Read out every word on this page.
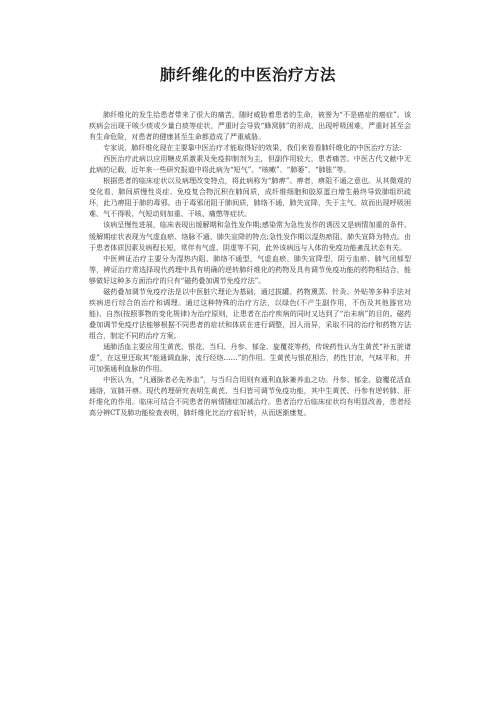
肺纤维化的中医治疗方法

肺纤维化的发生给患者带来了很大的痛苦，随时威胁着患者的生命，被誉为“不是癌症的癌症”。该疾病会出现干咳少痰或少量白痰等症状，严重时会导致“蜂窝肺”的形成，出现呼吸困难，严重时甚至会有生命危险，对患者的健康甚至生命都造成了严重威胁。

专家说，肺纤维化现在主要靠中医治疗才能取得好的效果，我们来看看肺纤维化的中医治疗方法：

西医治疗此病以应用糖皮质激素及免疫抑制剂为主，但副作用较大，患者痛苦。中医古代文献中无此病的记载，近年来一些研究报道中将此病为“短气”、“咳嗽”、“肺萎”、“肺胀”等。

根据患者的临床症状以及病理改变特点，将此病称为“肺痹”。痹者，痹阻不通之意也。从其微观的变化看，肺间质慢性炎症、免疫复合物沉积在肺间质，成纤维细胞和胶原蛋白增生最终导致肺组织疏坏，此乃痹阻于肺的毒邪。由于毒邪闭阻于肺间质，肺络不通，肺失宣降，失于主气，故而出现呼吸困难、气不得吸、气短动则加重、干咳、痛憋等症状。

该病呈慢性进展，临床表现出缓解期和急性发作期;感染常为急性发作的诱因又是病情加重的条件。缓解期症状表现为气虚血瘀、络脉不通、肺失宣降的特点;急性发作期以湿热瘀阻、肺失宣降为特点。由于患者体质因素及病程长短，常伴有气虚、阴虚等不同，此外该病远与人体的免疫功能紊乱状态有关。

中医辨证治疗主要分为湿热内阻、肺络不通型，气虚血瘀、肺失宣降型，阴亏血瘀、肺气闭郁型等，辨证治疗常选择现代药理中具有明确的逆转肺纤维化的药物及具有调节免疫功能的药物相结合，能够做好这种多方面治疗的只有“磁药叠加调节免疫疗法”。

磁药叠加调节免疫疗法是以中医脏穴理论为基础，通过拔罐、药物熏蒸、针灸、外贴等多种手法对疾病进行综合的治疗和调理。通过这种特殊的治疗方法，以绿色(不产生副作用，不伤及其他器官功能)、自然(按照事物的变化规律)为治疗原则，让患者在治疗疾病的同时又达到了“治未病”的目的。磁药叠加调节免疫疗法能够根据不同患者的症状和体质在进行调整，因人而异，采取不同的治疗和药物方法组合，制定不同的治疗方案。

通肺活血主要应用生黄芪、银花、当归、丹参、郁金、旋覆花等药，传统药性认为生黄芪“补五脏诸虚”，在这里还取其“能通调血脉，流行经络……”的作用。生黄芪与银花相合，药性甘凉，气味平和，并可加强通利血脉的作用。

中医认为，“凡通脉者必先养血”，与当归合用则有通利血脉兼养血之功。丹参、郁金、旋覆花活血通络，宣肺开痹。现代药理研究表明生黄芪、当归皆可调节免疫功能，其中生黄芪、丹参有逆转肺、肝纤维化的作用。临床可结合不同患者的病情随症加减治疗。患者治疗后临床症状均有明显改善，患者经高分辨CT及肺功能检查表明，肺纤维化比治疗前好转，从而逐渐康复。
